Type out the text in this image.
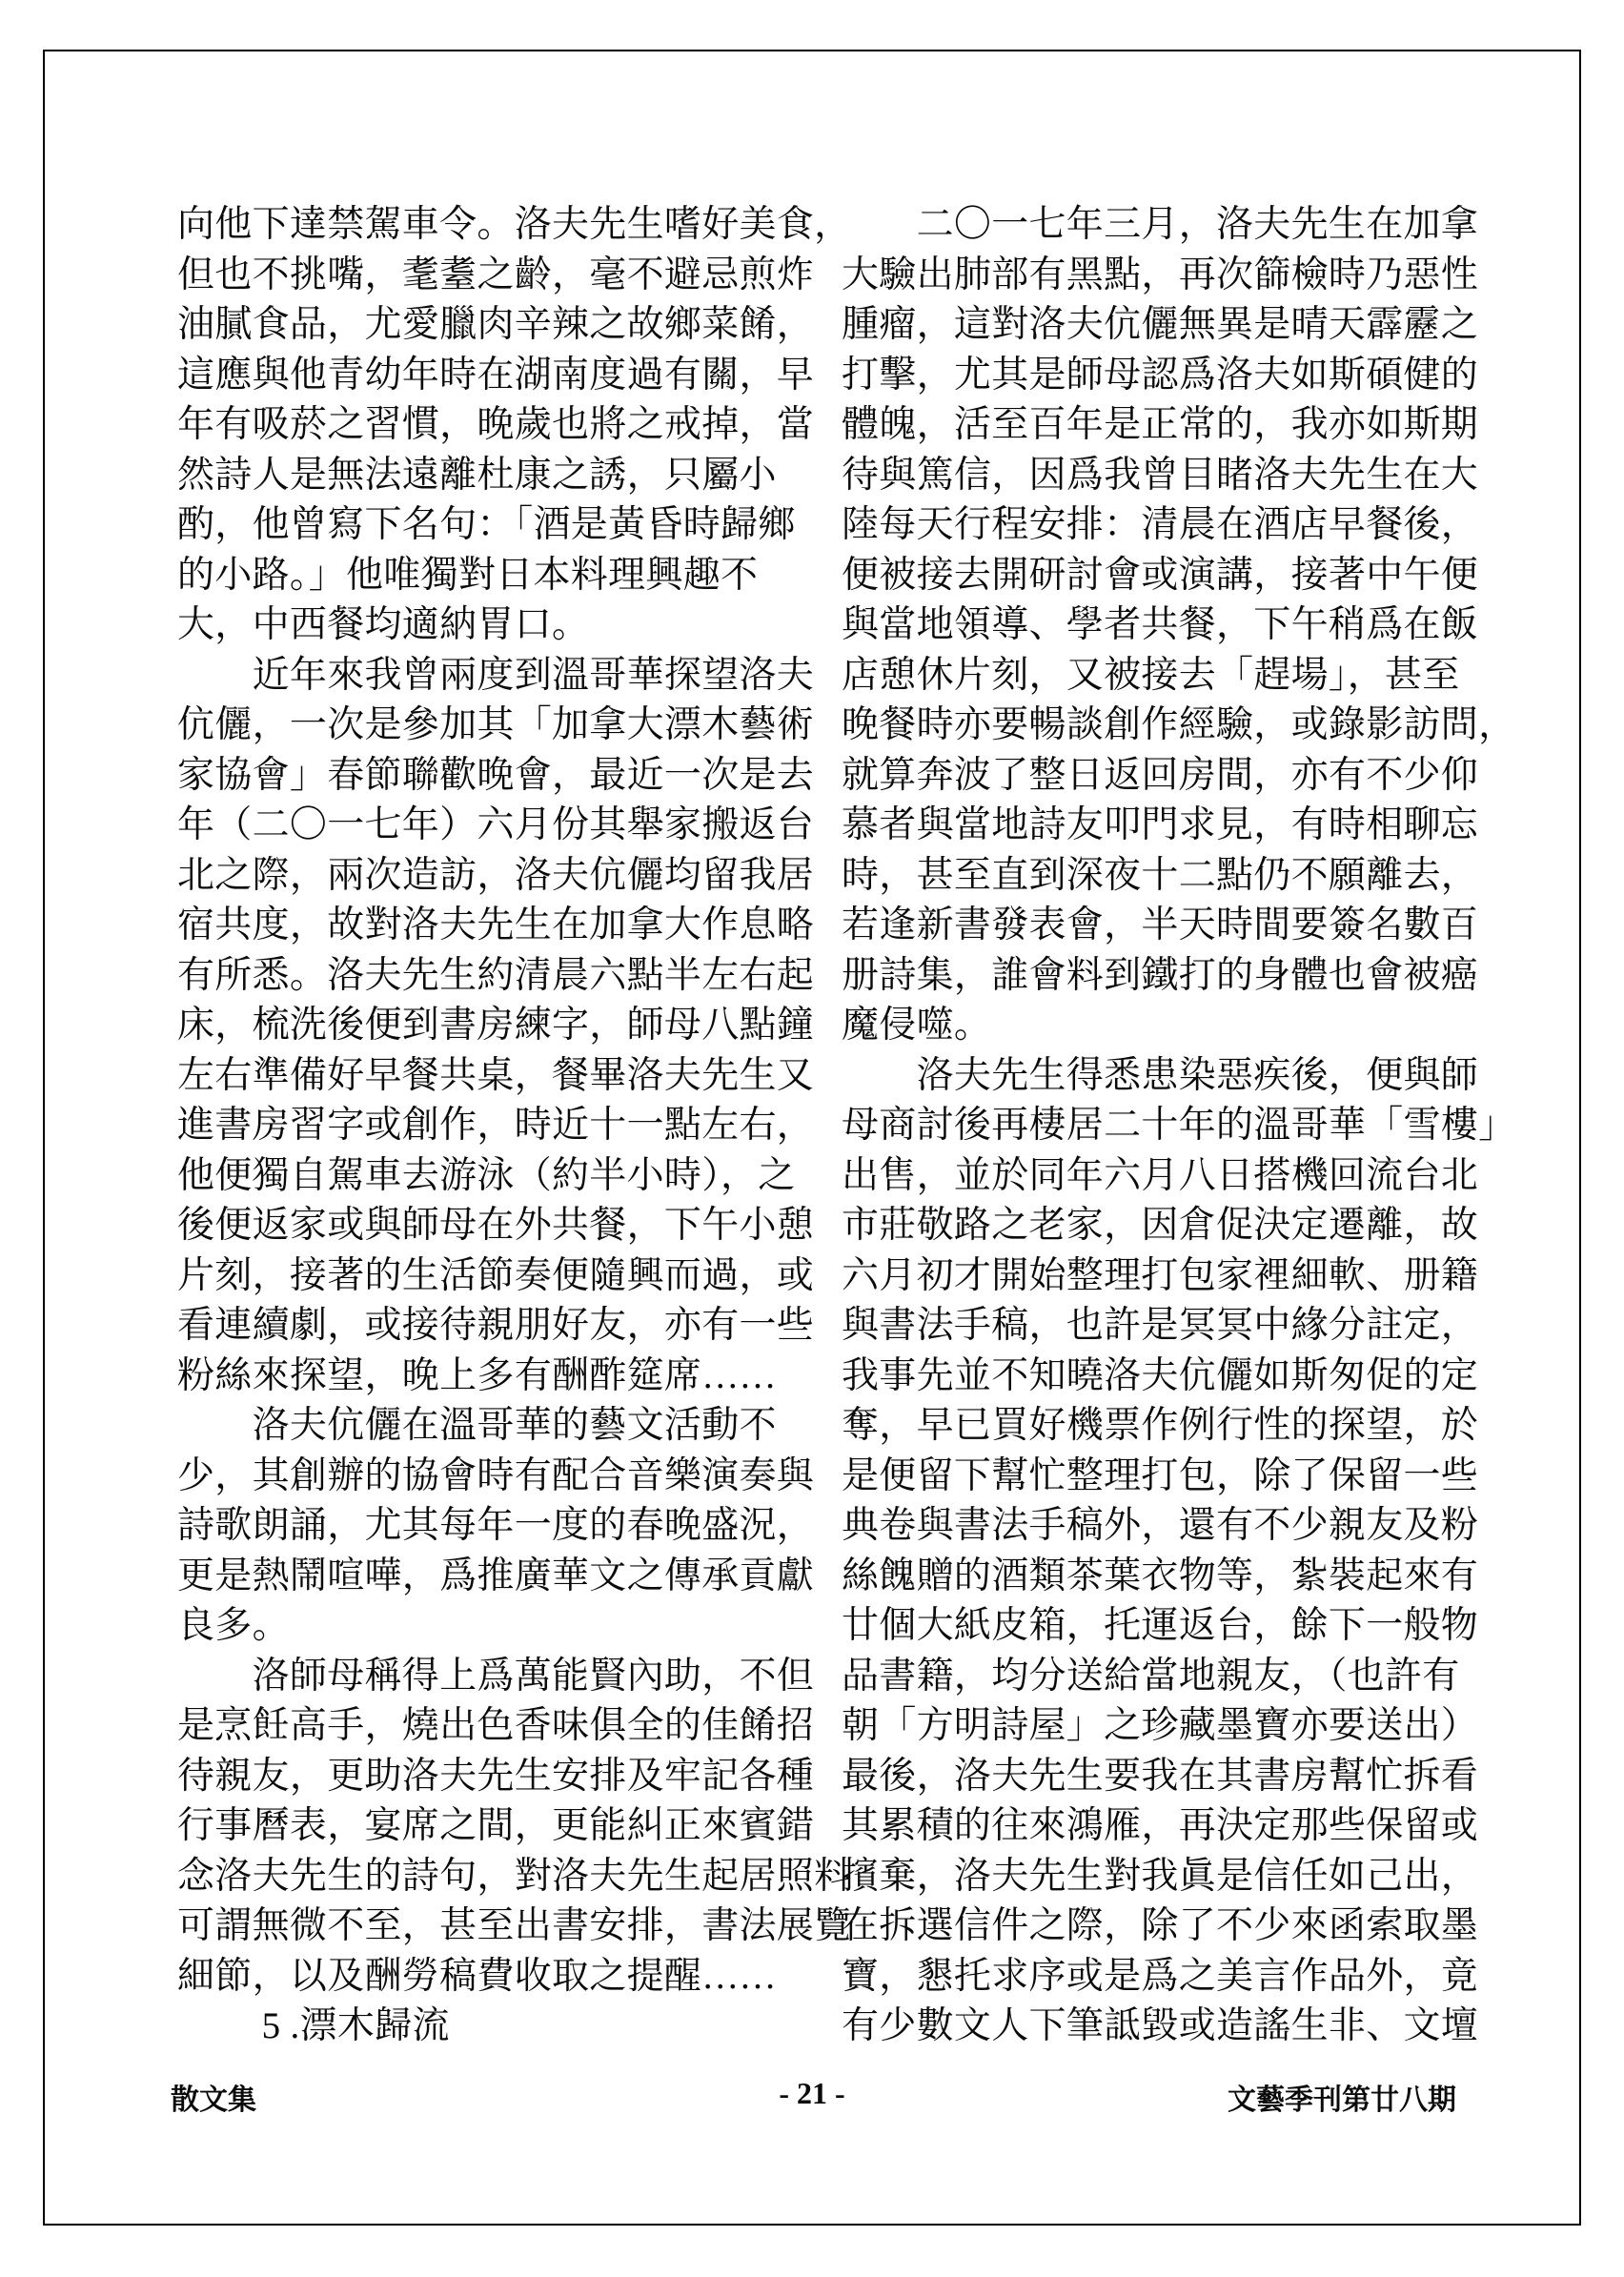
向他下達禁駕車令。洛夫先生嗜好美食，
但也不挑嘴，耄耋之齡，毫不避忌煎炸
油膩食品，尤愛臘肉辛辣之故鄉菜餚，
這應與他青幼年時在湖南度過有關，早
年有吸菸之習慣，晚歲也將之戒掉，當
然詩人是無法遠離杜康之誘，只屬小
酌，他曾寫下名句：「酒是黃昏時歸鄉
的小路。」他唯獨對日本料理興趣不
大，中西餐均適納胃口。
　　近年來我曾兩度到溫哥華探望洛夫
伉儷，一次是參加其「加拿大漂木藝術
家協會」春節聯歡晚會，最近一次是去
年（二〇一七年）六月份其舉家搬返台
北之際，兩次造訪，洛夫伉儷均留我居
宿共度，故對洛夫先生在加拿大作息略
有所悉。洛夫先生約清晨六點半左右起
床，梳洗後便到書房練字，師母八點鐘
左右準備好早餐共桌，餐畢洛夫先生又
進書房習字或創作，時近十一點左右，
他便獨自駕車去游泳（約半小時），之
後便返家或與師母在外共餐，下午小憩
片刻，接著的生活節奏便隨興而過，或
看連續劇，或接待親朋好友，亦有一些
粉絲來探望，晚上多有酬酢筵席……
　　洛夫伉儷在溫哥華的藝文活動不
少，其創辦的協會時有配合音樂演奏與
詩歌朗誦，尤其每年一度的春晚盛況，
更是熱鬧喧嘩，爲推廣華文之傳承貢獻
良多。
　　洛師母稱得上爲萬能賢內助，不但
是烹飪高手，燒出色香味俱全的佳餚招
待親友，更助洛夫先生安排及牢記各種
行事曆表，宴席之間，更能糾正來賓錯
念洛夫先生的詩句，對洛夫先生起居照料
可謂無微不至，甚至出書安排，書法展覽
細節，以及酬勞稿費收取之提醒……
　　 5 .漂木歸流
　　二〇一七年三月，洛夫先生在加拿
大驗出肺部有黑點，再次篩檢時乃惡性
腫瘤，這對洛夫伉儷無異是晴天霹靂之
打擊，尤其是師母認爲洛夫如斯碩健的
體魄，活至百年是正常的，我亦如斯期
待與篤信，因爲我曾目睹洛夫先生在大
陸每天行程安排：清晨在酒店早餐後，
便被接去開研討會或演講，接著中午便
與當地領導、學者共餐，下午稍爲在飯
店憩休片刻，又被接去「趕場」，甚至
晚餐時亦要暢談創作經驗，或錄影訪問，
就算奔波了整日返回房間，亦有不少仰
慕者與當地詩友叩門求見，有時相聊忘
時，甚至直到深夜十二點仍不願離去，
若逢新書發表會，半天時間要簽名數百
册詩集，誰會料到鐵打的身體也會被癌
魔侵噬。
　　洛夫先生得悉患染惡疾後，便與師
母商討後再棲居二十年的溫哥華「雪樓」
出售，並於同年六月八日搭機回流台北
市莊敬路之老家，因倉促決定遷離，故
六月初才開始整理打包家裡細軟、册籍
與書法手稿，也許是冥冥中緣分註定，
我事先並不知曉洛夫伉儷如斯匆促的定
奪，早已買好機票作例行性的探望，於
是便留下幫忙整理打包，除了保留一些
典卷與書法手稿外，還有不少親友及粉
絲餽贈的酒類茶葉衣物等，紮裝起來有
廿個大紙皮箱，托運返台，餘下一般物
品書籍，均分送給當地親友，（也許有
朝「方明詩屋」之珍藏墨寶亦要送出）
最後，洛夫先生要我在其書房幫忙拆看
其累積的往來鴻雁，再決定那些保留或
擯棄，洛夫先生對我眞是信任如己出，
在拆選信件之際，除了不少來函索取墨
寶，懇托求序或是爲之美言作品外，竟
有少數文人下筆詆毀或造謠生非、文壇
散文集	- 21 -	文藝季刊第廿八期
